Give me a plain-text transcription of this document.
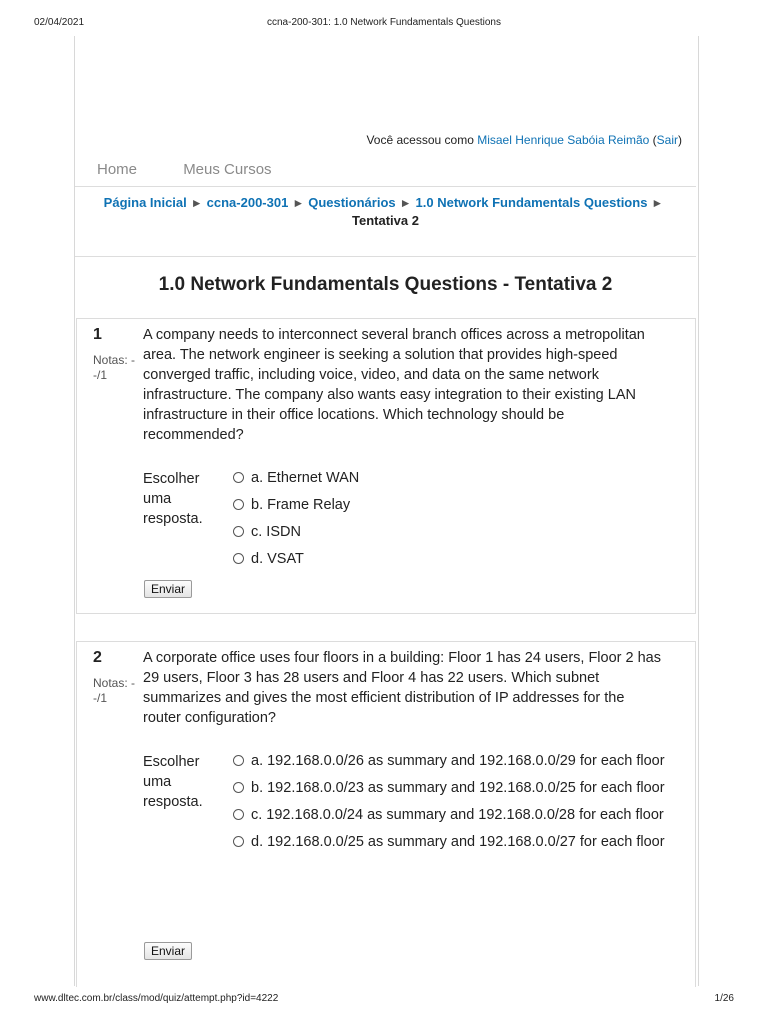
02/04/2021	ccna-200-301: 1.0 Network Fundamentals Questions
Você acessou como Misael Henrique Sabóia Reimão (Sair)
Home	Meus Cursos
Página Inicial ► ccna-200-301 ► Questionários ► 1.0 Network Fundamentals Questions ►
Tentativa 2
1.0 Network Fundamentals Questions - Tentativa 2
1
Notas: --/1
A company needs to interconnect several branch offices across a metropolitan area. The network engineer is seeking a solution that provides high-speed converged traffic, including voice, video, and data on the same network infrastructure. The company also wants easy integration to their existing LAN infrastructure in their office locations. Which technology should be recommended?
Escolher uma resposta.
a. Ethernet WAN
b. Frame Relay
c. ISDN
d. VSAT
Enviar
2
Notas: --/1
A corporate office uses four floors in a building: Floor 1 has 24 users, Floor 2 has 29 users, Floor 3 has 28 users and Floor 4 has 22 users. Which subnet summarizes and gives the most efficient distribution of IP addresses for the router configuration?
Escolher uma resposta.
a. 192.168.0.0/26 as summary and 192.168.0.0/29 for each floor
b. 192.168.0.0/23 as summary and 192.168.0.0/25 for each floor
c. 192.168.0.0/24 as summary and 192.168.0.0/28 for each floor
d. 192.168.0.0/25 as summary and 192.168.0.0/27 for each floor
Enviar
www.dltec.com.br/class/mod/quiz/attempt.php?id=4222	1/26
